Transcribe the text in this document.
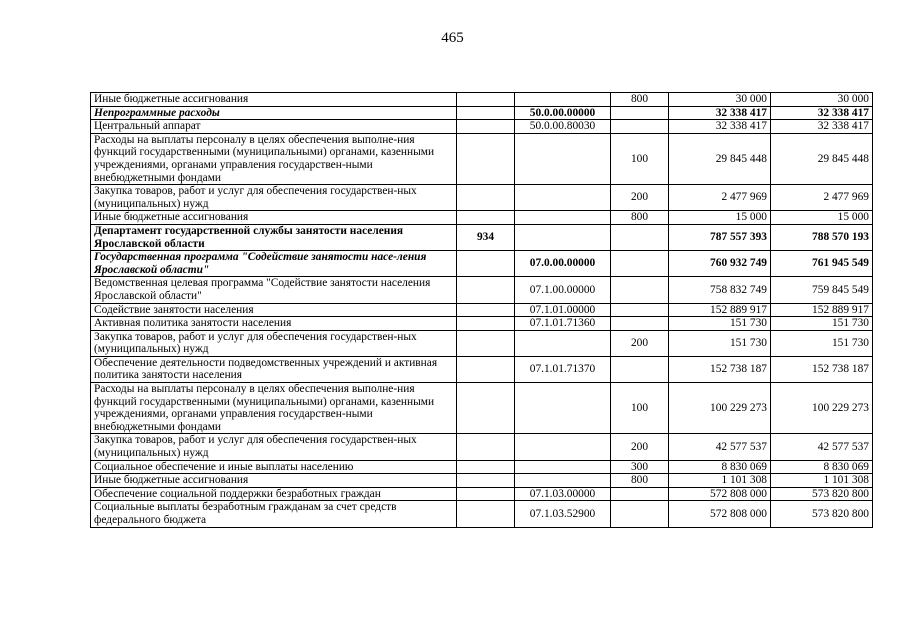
465
Иные бюджетные ассигнования			800	30 000	30 000
Непрограммные расходы		50.0.00.00000		32 338 417	32 338 417
Центральный аппарат		50.0.00.80030		32 338 417	32 338 417
Расходы на выплаты персоналу в целях обеспечения выполне-ния функций государственными (муниципальными) органами, казенными учреждениями, органами управления государствен-ными внебюджетными фондами			100	29 845 448	29 845 448
Закупка товаров, работ и услуг для обеспечения государствен-ных (муниципальных) нужд			200	2 477 969	2 477 969
Иные бюджетные ассигнования			800	15 000	15 000
Департамент государственной службы занятости населения Ярославской области	934			787 557 393	788 570 193
Государственная программа "Содействие занятости насе-ления Ярославской области"		07.0.00.00000		760 932 749	761 945 549
Ведомственная целевая программа "Содействие занятости населения Ярославской области"		07.1.00.00000		758 832 749	759 845 549
Содействие занятости населения		07.1.01.00000		152 889 917	152 889 917
Активная политика занятости населения		07.1.01.71360		151 730	151 730
Закупка товаров, работ и услуг для обеспечения государствен-ных (муниципальных) нужд			200	151 730	151 730
Обеспечение деятельности подведомственных учреждений и активная политика занятости населения		07.1.01.71370		152 738 187	152 738 187
Расходы на выплаты персоналу в целях обеспечения выполне-ния функций государственными (муниципальными) органами, казенными учреждениями, органами управления государствен-ными внебюджетными фондами			100	100 229 273	100 229 273
Закупка товаров, работ и услуг для обеспечения государствен-ных (муниципальных) нужд			200	42 577 537	42 577 537
Социальное обеспечение и иные выплаты населению			300	8 830 069	8 830 069
Иные бюджетные ассигнования			800	1 101 308	1 101 308
Обеспечение социальной поддержки безработных граждан		07.1.03.00000		572 808 000	573 820 800
Социальные выплаты безработным гражданам за счет средств федерального бюджета		07.1.03.52900		572 808 000	573 820 800
